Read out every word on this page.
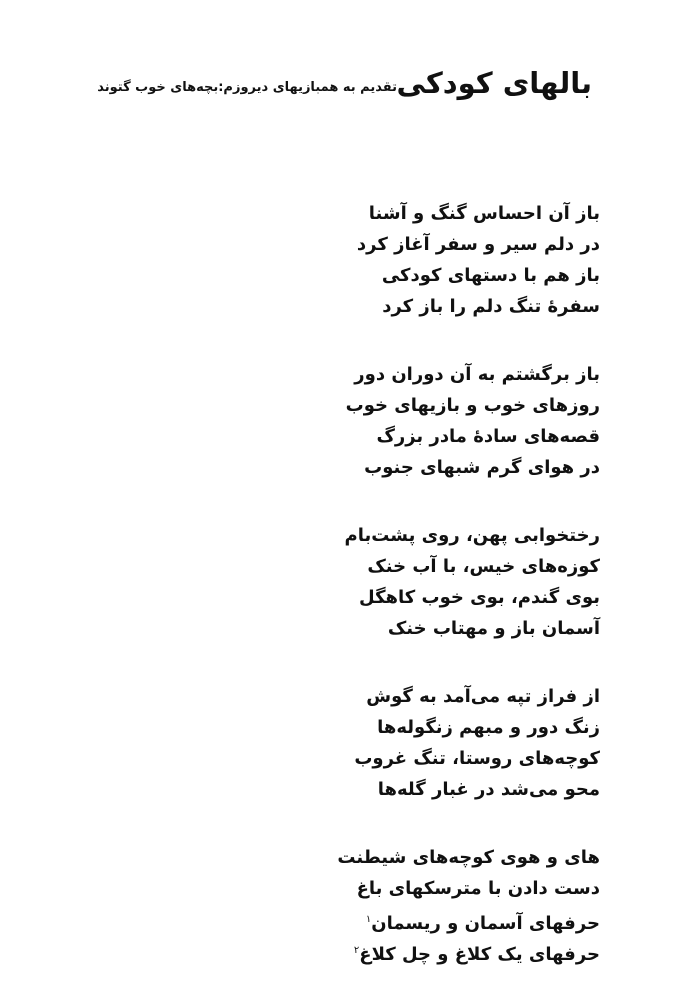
بالهای کودکی
تقدیم به همبازیهای دیروزم:بچه‌های خوب گتوند
باز آن احساس گنگ و آشنا
در دلم سیر و سفر آغاز کرد
باز هم با دستهای کودکی
سفرهٔ تنگ دلم را باز کرد
باز برگشتم به آن دوران دور
روزهای خوب و بازیهای خوب
قصه‌های سادهٔ مادر بزرگ
در هوای گرم شبهای جنوب
رختخوابی پهن، روی پشت‌بام
کوزه‌های خیس، با آب خنک
بوی گندم، بوی خوب کاهگل
آسمان باز و مهتاب خنک
از فراز تپه می‌آمد به گوش
زنگ دور و مبهم زنگوله‌ها
کوچه‌های روستا، تنگ غروب
محو می‌شد در غبار گله‌ها
های و هوی کوچه‌های شیطنت
دست دادن با مترسکهای باغ
حرفهای آسمان و ریسمان$^۱$
حرفهای یک کلاغ و چل کلاغ$^۲$
